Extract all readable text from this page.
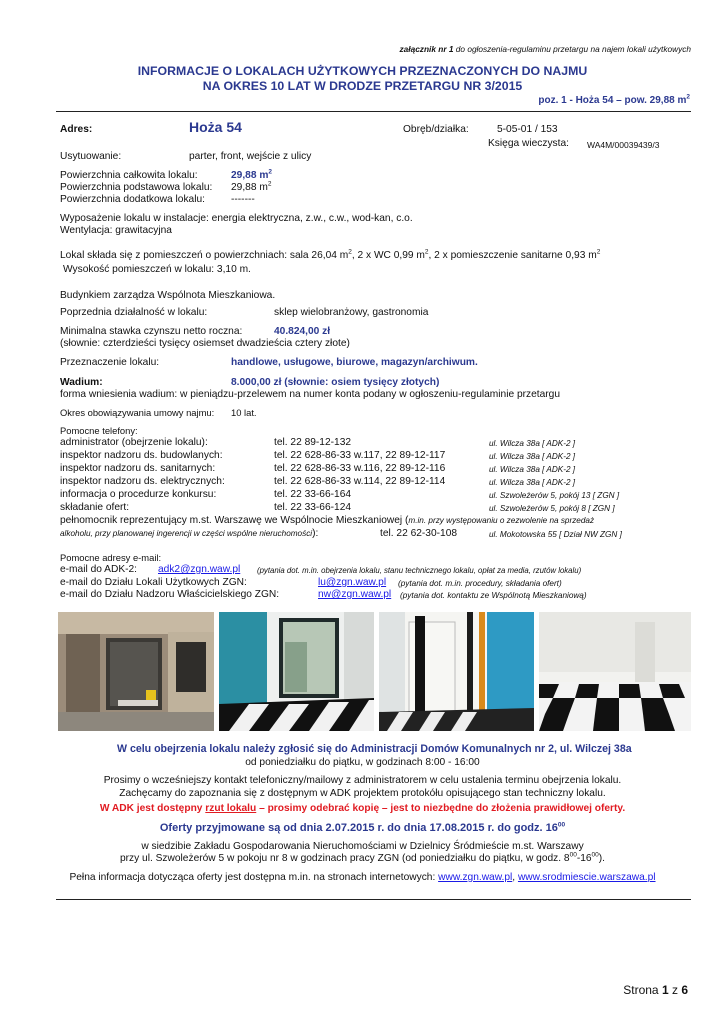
załącznik nr 1 do ogłoszenia-regulaminu przetargu na najem lokali użytkowych
INFORMACJE O LOKALACH UŻYTKOWYCH PRZEZNACZONYCH DO NAJMU
NA OKRES 10 LAT W DRODZE PRZETARGU NR 3/2015
poz. 1 - Hoża 54 – pow. 29,88 $m^2$
Adres:	Hoża 54	Obręb/działka:	5-05-01 / 153
Księga wieczysta: WA4M/00039439/3
Usytuowanie:	parter, front, wejście z ulicy
Powierzchnia całkowita lokalu:	29,88 $m^2$
Powierzchnia podstawowa lokalu: 29,88 $m^2$
Powierzchnia dodatkowa lokalu:	-------
Wyposażenie lokalu w instalacje: energia elektryczna, z.w., c.w., wod-kan, c.o.
Wentylacja: grawitacyjna
Lokal składa się z pomieszczeń o powierzchniach: sala 26,04 $m^2$, 2 x WC 0,99 $m^2$, 2 x pomieszczenie sanitarne 0,93 $m^2$
Wysokość pomieszczeń w lokalu: 3,10 m.
Budynkiem zarządza Wspólnota Mieszkaniowa.
Poprzednia działalność w lokalu:	sklep wielobranżowy, gastronomia
Minimalna stawka czynszu netto roczna:	40.824,00 zł
(słownie: czterdzieści tysięcy osiemset dwadzieścia cztery złote)
Przeznaczenie lokalu:	handlowe, usługowe, biurowe, magazyn/archiwum.
Wadium:	8.000,00 zł (słownie: osiem tysięcy złotych)
forma wniesienia wadium: w pieniądzu-przelewem na numer konta podany w ogłoszeniu-regulaminie przetargu
Okres obowiązywania umowy najmu: 10 lat.
Pomocne telefony:
administrator (obejrzenie lokalu):	tel. 22 89-12-132	ul. Wilcza 38a [ ADK-2 ]
inspektor nadzoru ds. budowlanych:	tel. 22 628-86-33 w.117, 22 89-12-117	ul. Wilcza 38a [ ADK-2 ]
inspektor nadzoru ds. sanitarnych:	tel. 22 628-86-33 w.116, 22 89-12-116	ul. Wilcza 38a [ ADK-2 ]
inspektor nadzoru ds. elektrycznych:	tel. 22 628-86-33 w.114, 22 89-12-114	ul. Wilcza 38a [ ADK-2 ]
informacja o procedurze konkursu:	tel. 22 33-66-164	ul. Szwoleżerów 5, pokój 13 [ ZGN ]
składanie ofert:	tel. 22 33-66-124	ul. Szwoleżerów 5, pokój 8 [ ZGN ]
pełnomocnik reprezentujący m.st. Warszawę we Wspólnocie Mieszkaniowej (m.in. przy występowaniu o zezwolenie na sprzedaż
alkoholu, przy planowanej ingerencji w części wspólne nieruchomości):	tel. 22 62-30-108	ul. Mokotowska 55 [ Dział NW ZGN ]
Pomocne adresy e-mail:
e-mail do ADK-2: adk2@zgn.waw.pl (pytania dot. m.in. obejrzenia lokalu, stanu technicznego lokalu, opłat za media, rzutów lokalu)
e-mail do Działu Lokali Użytkowych ZGN:	lu@zgn.waw.pl (pytania dot. m.in. procedury, składania ofert)
e-mail do Działu Nadzoru Właścicielskiego ZGN:	nw@zgn.waw.pl (pytania dot. kontaktu ze Wspólnotą Mieszkaniową)
W celu obejrzenia lokalu należy zgłosić się do Administracji Domów Komunalnych nr 2, ul. Wilczej 38a
od poniedziałku do piątku, w godzinach 8:00 - 16:00
Prosimy o wcześniejszy kontakt telefoniczny/mailowy z administratorem w celu ustalenia terminu obejrzenia lokalu.
Zachęcamy do zapoznania się z dostępnym w ADK projektem protokółu opisującego stan techniczny lokalu.
W ADK jest dostępny rzut lokalu – prosimy odebrać kopię – jest to niezbędne do złożenia prawidłowej oferty.
Oferty przyjmowane są od dnia 2.07.2015 r. do dnia 17.08.2015 r. do godz. $16^{00}$
w siedzibie Zakładu Gospodarowania Nieruchomościami w Dzielnicy Śródmieście m.st. Warszawy
przy ul. Szwoleżerów 5 w pokoju nr 8 w godzinach pracy ZGN (od poniedziałku do piątku, w godz. $8^{00}-16^{00}$).
Pełna informacja dotycząca oferty jest dostępna m.in. na stronach internetowych: www.zgn.waw.pl, www.srodmiescie.warszawa.pl
Strona 1 z 6
